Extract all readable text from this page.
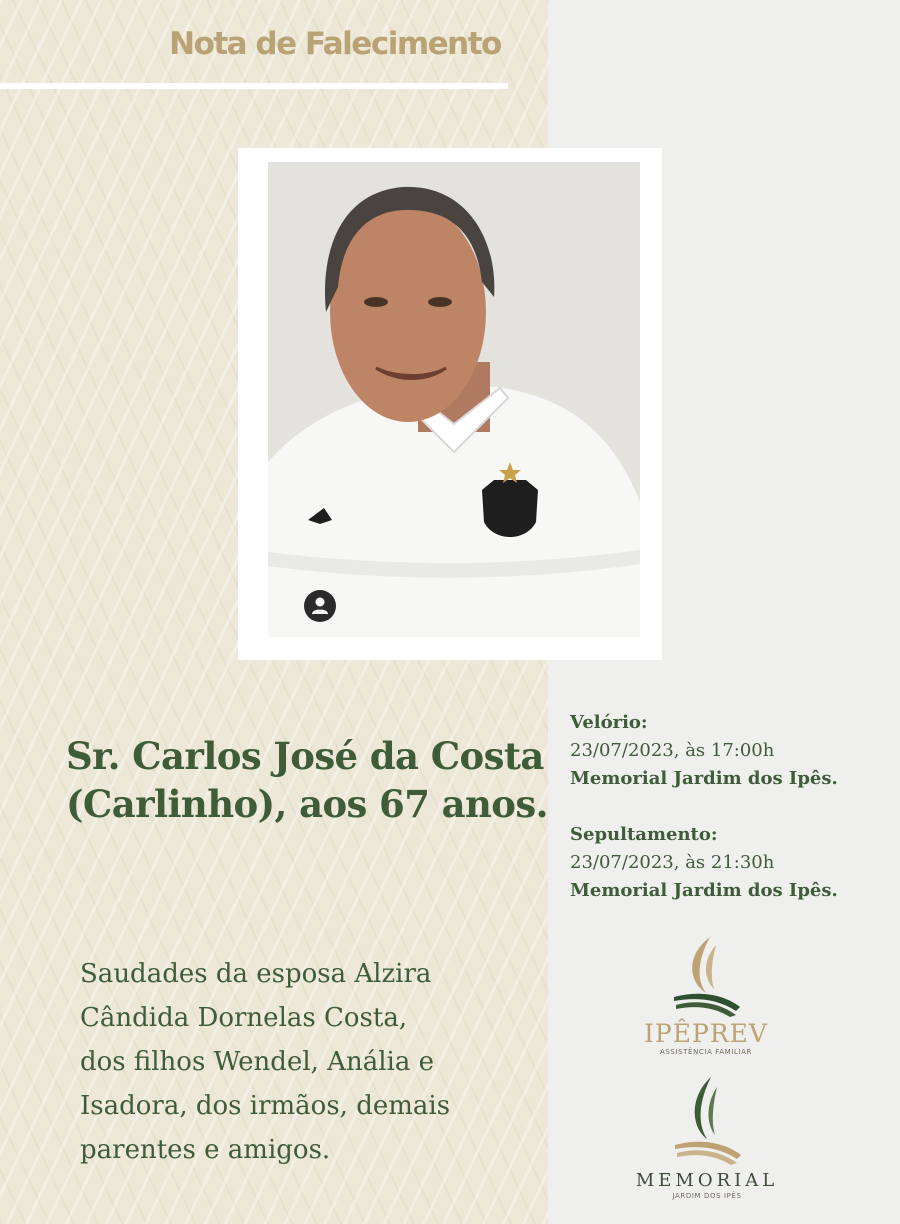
Nota de Falecimento
Sr. Carlos José da Costa
(Carlinho), aos 67 anos.
Velório:
23/07/2023, às 17:00h
Memorial Jardim dos Ipês.
Sepultamento:
23/07/2023, às 21:30h
Memorial Jardim dos Ipês.
Saudades da esposa Alzira
Cândida Dornelas Costa,
dos filhos Wendel, Anália e
Isadora, dos irmãos, demais
parentes e amigos.
IPÊPREV
ASSISTÊNCIA FAMILIAR
MEMORIAL
JARDIM DOS IPÊS
